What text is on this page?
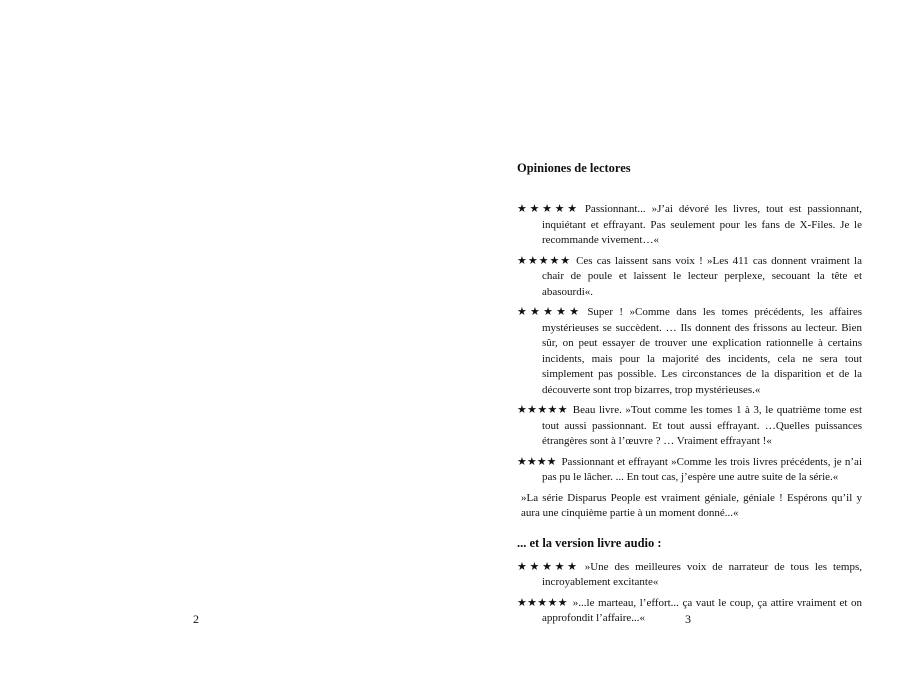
2

Opiniones de lectores

★★★★★ Passionnant... »J’ai dévoré les livres, tout est passionnant, inquiétant et effrayant. Pas seulement pour les fans de X-Files. Je le recommande vivement…«

★★★★★ Ces cas laissent sans voix ! »Les 411 cas donnent vraiment la chair de poule et laissent le lecteur perplexe, secouant la tête et abasourdi«.

★★★★★ Super ! »Comme dans les tomes précédents, les affaires mystérieuses se succèdent. … Ils donnent des frissons au lecteur. Bien sûr, on peut essayer de trouver une explication rationnelle à certains incidents, mais pour la majorité des incidents, cela ne sera tout simplement pas possible. Les circonstances de la disparition et de la découverte sont trop bizarres, trop mystérieuses.«

★★★★★ Beau livre. »Tout comme les tomes 1 à 3, le quatrième tome est tout aussi passionnant. Et tout aussi effrayant. …Quelles puissances étrangères sont à l’œuvre ? … Vraiment effrayant !«

★★★★ Passionnant et effrayant »Comme les trois livres précédents, je n’ai pas pu le lâcher. ... En tout cas, j’espère une autre suite de la série.«

»La série Disparus People est vraiment géniale, géniale ! Espérons qu’il y aura une cinquième partie à un moment donné...«

... et la version livre audio :

★★★★★ »Une des meilleures voix de narrateur de tous les temps, incroyablement excitante«

★★★★★ »...le marteau, l’effort... ça vaut le coup, ça attire vraiment et on approfondit l’affaire...«	3
